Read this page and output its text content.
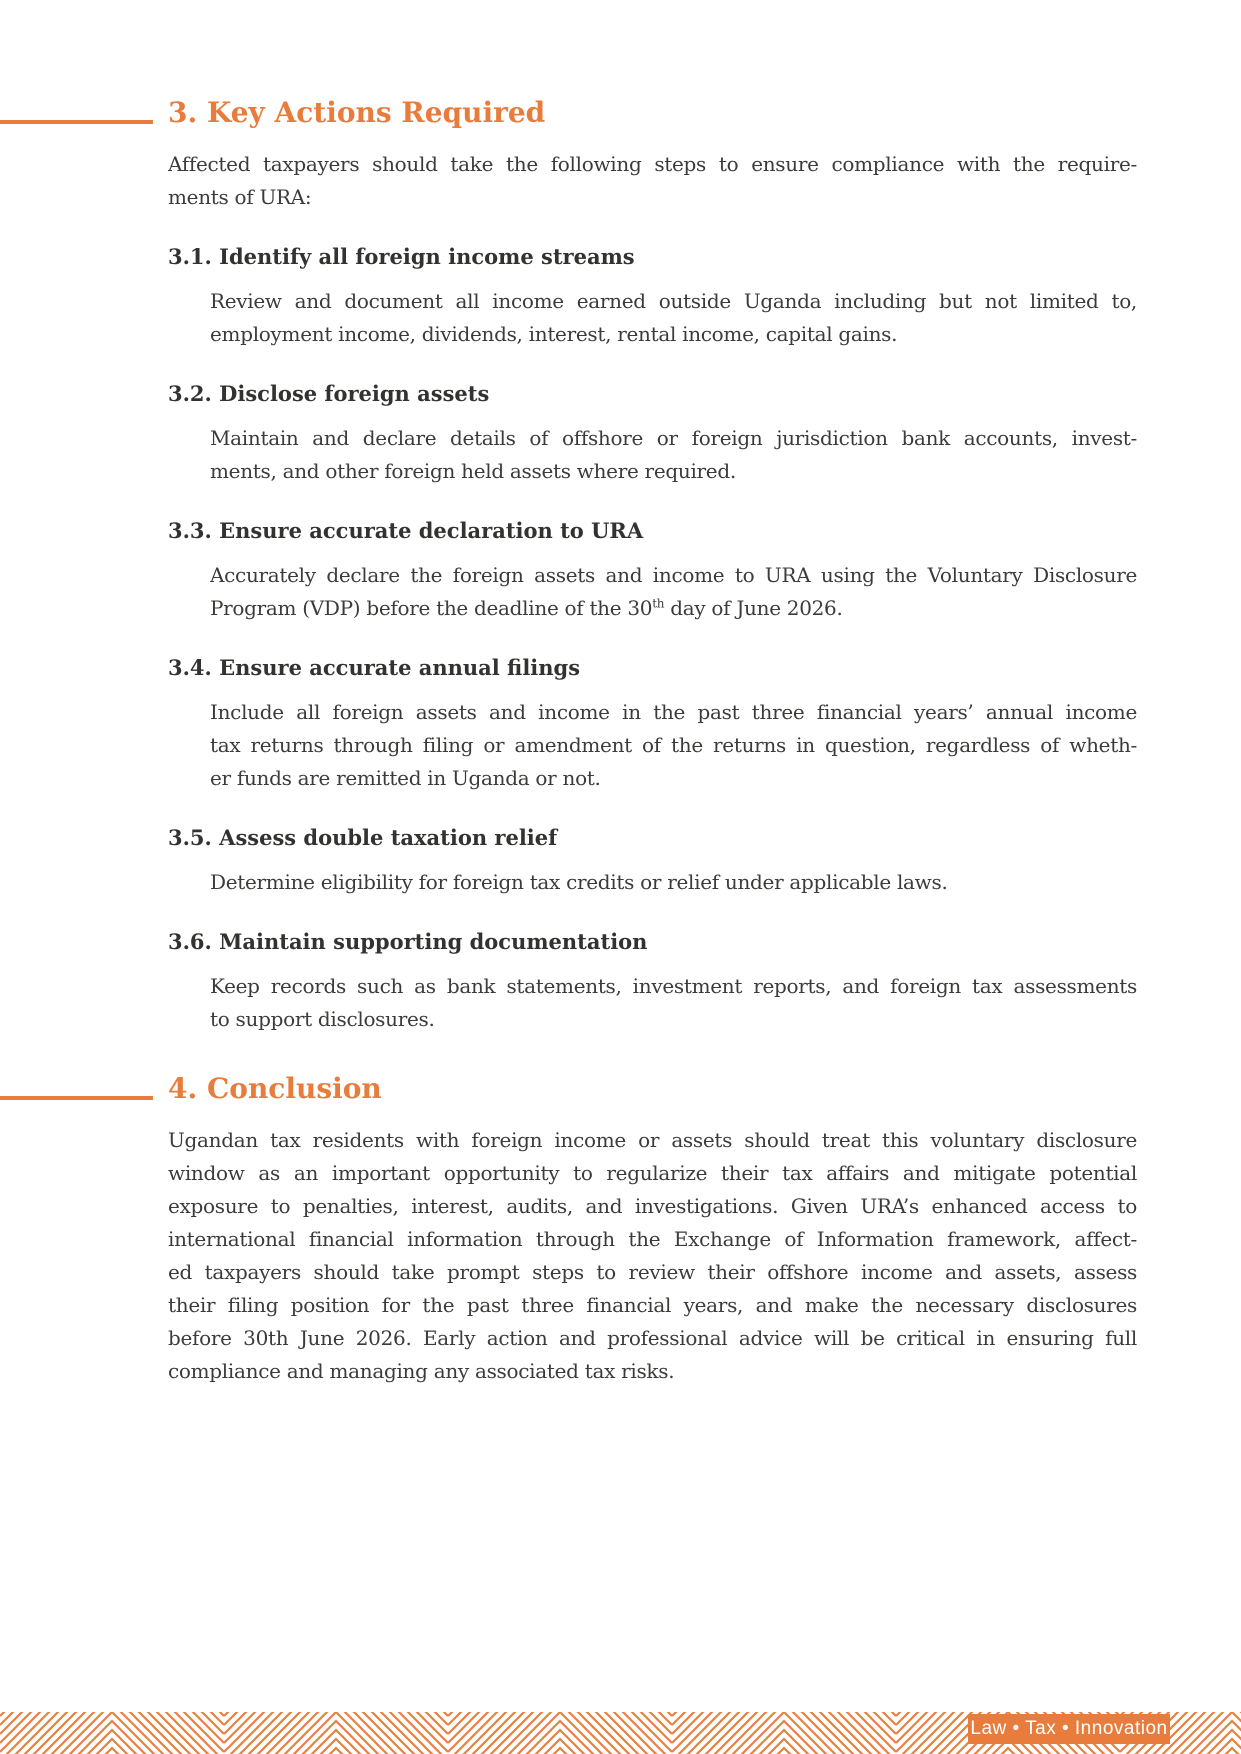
3. Key Actions Required
Affected taxpayers should take the following steps to ensure compliance with the require-
ments of URA:
3.1. Identify all foreign income streams
Review and document all income earned outside Uganda including but not limited to,
employment income, dividends, interest, rental income, capital gains.
3.2. Disclose foreign assets
Maintain and declare details of offshore or foreign jurisdiction bank accounts, invest-
ments, and other foreign held assets where required.
3.3. Ensure accurate declaration to URA
Accurately declare the foreign assets and income to URA using the Voluntary Disclosure
Program (VDP) before the deadline of the 30th day of June 2026.
3.4. Ensure accurate annual filings
Include all foreign assets and income in the past three financial years’ annual income
tax returns through filing or amendment of the returns in question, regardless of wheth-
er funds are remitted in Uganda or not.
3.5. Assess double taxation relief
Determine eligibility for foreign tax credits or relief under applicable laws.
3.6. Maintain supporting documentation
Keep records such as bank statements, investment reports, and foreign tax assessments
to support disclosures.
4. Conclusion
Ugandan tax residents with foreign income or assets should treat this voluntary disclosure
window as an important opportunity to regularize their tax affairs and mitigate potential
exposure to penalties, interest, audits, and investigations. Given URA’s enhanced access to
international financial information through the Exchange of Information framework, affect-
ed taxpayers should take prompt steps to review their offshore income and assets, assess
their filing position for the past three financial years, and make the necessary disclosures
before 30th June 2026. Early action and professional advice will be critical in ensuring full
compliance and managing any associated tax risks.
Law • Tax • Innovation
